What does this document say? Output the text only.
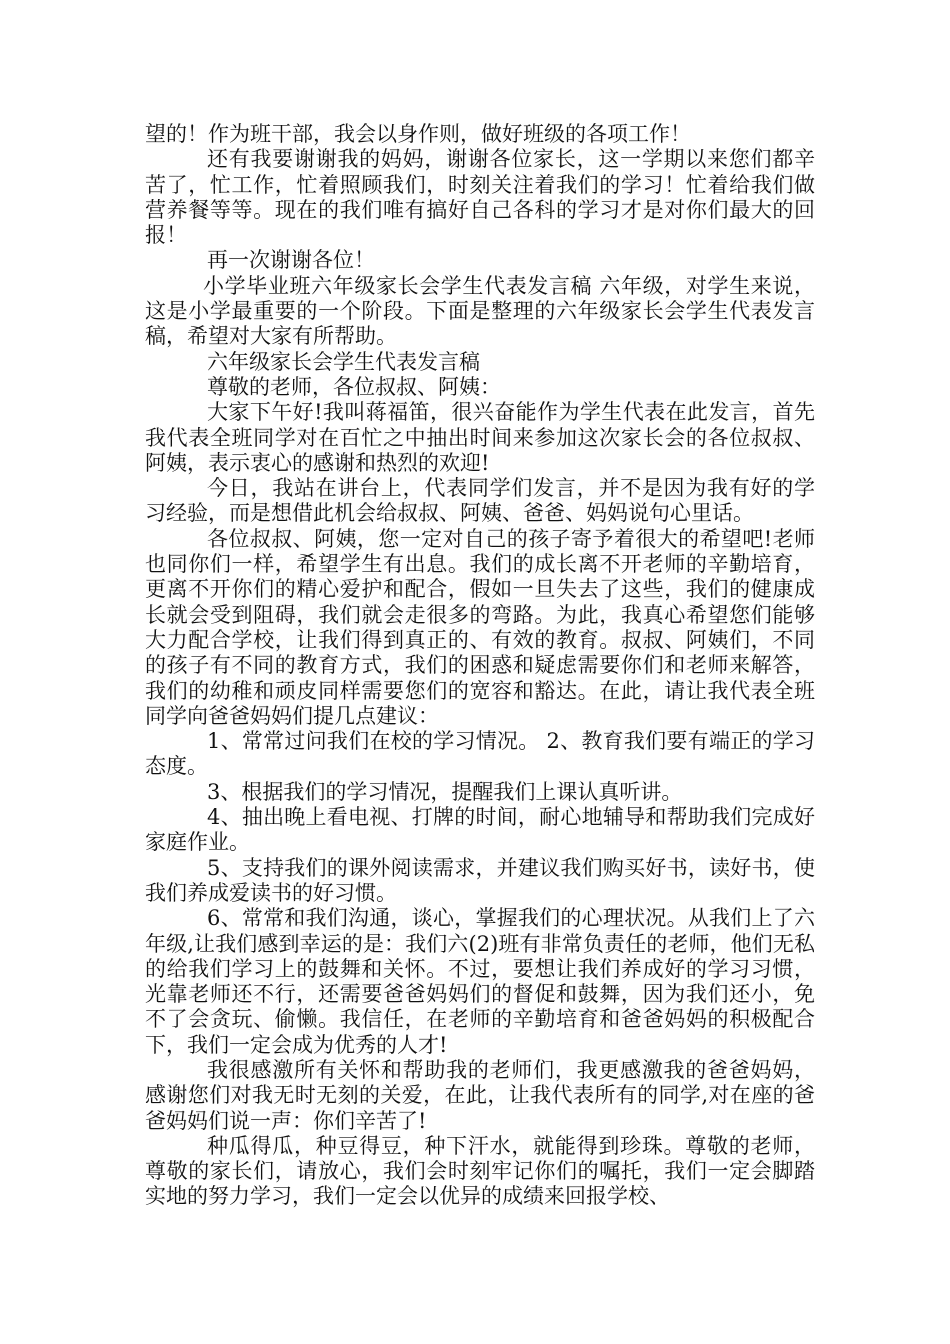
望的！作为班干部，我会以身作则，做好班级的各项工作！

还有我要谢谢我的妈妈，谢谢各位家长，这一学期以来您们都辛苦了，忙工作，忙着照顾我们，时刻关注着我们的学习！忙着给我们做营养餐等等。现在的我们唯有搞好自己各科的学习才是对你们最大的回报！

再一次谢谢各位！

小学毕业班六年级家长会学生代表发言稿 六年级，对学生来说，这是小学最重要的一个阶段。下面是整理的六年级家长会学生代表发言稿，希望对大家有所帮助。

六年级家长会学生代表发言稿

尊敬的老师，各位叔叔、阿姨：

大家下午好!我叫蒋福笛，很兴奋能作为学生代表在此发言，首先我代表全班同学对在百忙之中抽出时间来参加这次家长会的各位叔叔、阿姨，表示衷心的感谢和热烈的欢迎!

今日，我站在讲台上，代表同学们发言，并不是因为我有好的学习经验，而是想借此机会给叔叔、阿姨、爸爸、妈妈说句心里话。

各位叔叔、阿姨，您一定对自己的孩子寄予着很大的希望吧!老师也同你们一样，希望学生有出息。我们的成长离不开老师的辛勤培育，更离不开你们的精心爱护和配合，假如一旦失去了这些，我们的健康成长就会受到阻碍，我们就会走很多的弯路。为此，我真心希望您们能够大力配合学校，让我们得到真正的、有效的教育。叔叔、阿姨们，不同的孩子有不同的教育方式，我们的困惑和疑虑需要你们和老师来解答，我们的幼稚和顽皮同样需要您们的宽容和豁达。在此，请让我代表全班同学向爸爸妈妈们提几点建议：

1、常常过问我们在校的学习情况。 2、教育我们要有端正的学习态度。

3、根据我们的学习情况，提醒我们上课认真听讲。

4、抽出晚上看电视、打牌的时间，耐心地辅导和帮助我们完成好家庭作业。

5、支持我们的课外阅读需求，并建议我们购买好书，读好书，使我们养成爱读书的好习惯。

6、常常和我们沟通，谈心，掌握我们的心理状况。从我们上了六年级,让我们感到幸运的是：我们六(2)班有非常负责任的老师，他们无私的给我们学习上的鼓舞和关怀。不过，要想让我们养成好的学习习惯，光靠老师还不行，还需要爸爸妈妈们的督促和鼓舞，因为我们还小，免不了会贪玩、偷懒。我信任，在老师的辛勤培育和爸爸妈妈的积极配合下，我们一定会成为优秀的人才!

我很感激所有关怀和帮助我的老师们，我更感激我的爸爸妈妈，感谢您们对我无时无刻的关爱，在此，让我代表所有的同学,对在座的爸爸妈妈们说一声：你们辛苦了!

种瓜得瓜，种豆得豆，种下汗水，就能得到珍珠。尊敬的老师，尊敬的家长们，请放心，我们会时刻牢记你们的嘱托，我们一定会脚踏实地的努力学习，我们一定会以优异的成绩来回报学校、
